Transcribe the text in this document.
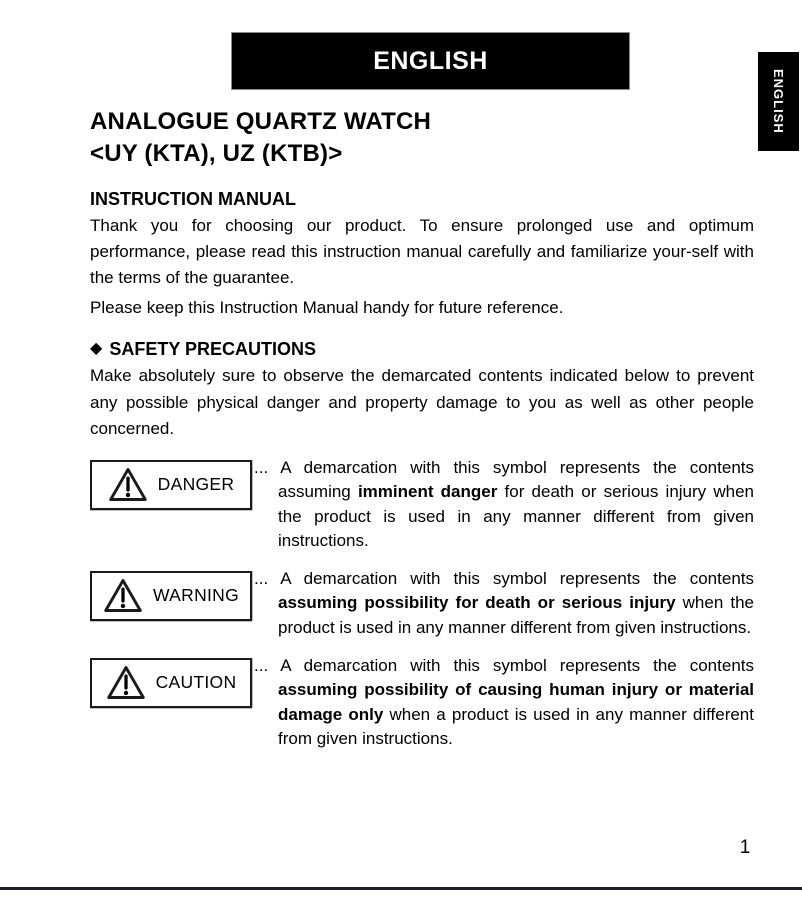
ENGLISH
ENGLISH
ANALOGUE QUARTZ WATCH
<UY (KTA), UZ (KTB)>
INSTRUCTION MANUAL

Thank you for choosing our product. To ensure prolonged use and optimum performance, please read this instruction manual carefully and familiarize your-self with the terms of the guarantee.

Please keep this Instruction Manual handy for future reference.

◆ SAFETY PRECAUTIONS

Make absolutely sure to observe the demarcated contents indicated below to prevent any possible physical danger and property damage to you as well as other people concerned.

DANGER

... A demarcation with this symbol represents the contents assuming imminent danger for death or serious injury when the product is used in any manner different from given instructions.

WARNING

... A demarcation with this symbol represents the contents assuming possibility for death or serious injury when the product is used in any manner different from given instructions.

CAUTION

... A demarcation with this symbol represents the contents assuming possibility of causing human injury or material damage only when a product is used in any manner different from given instructions.

1
